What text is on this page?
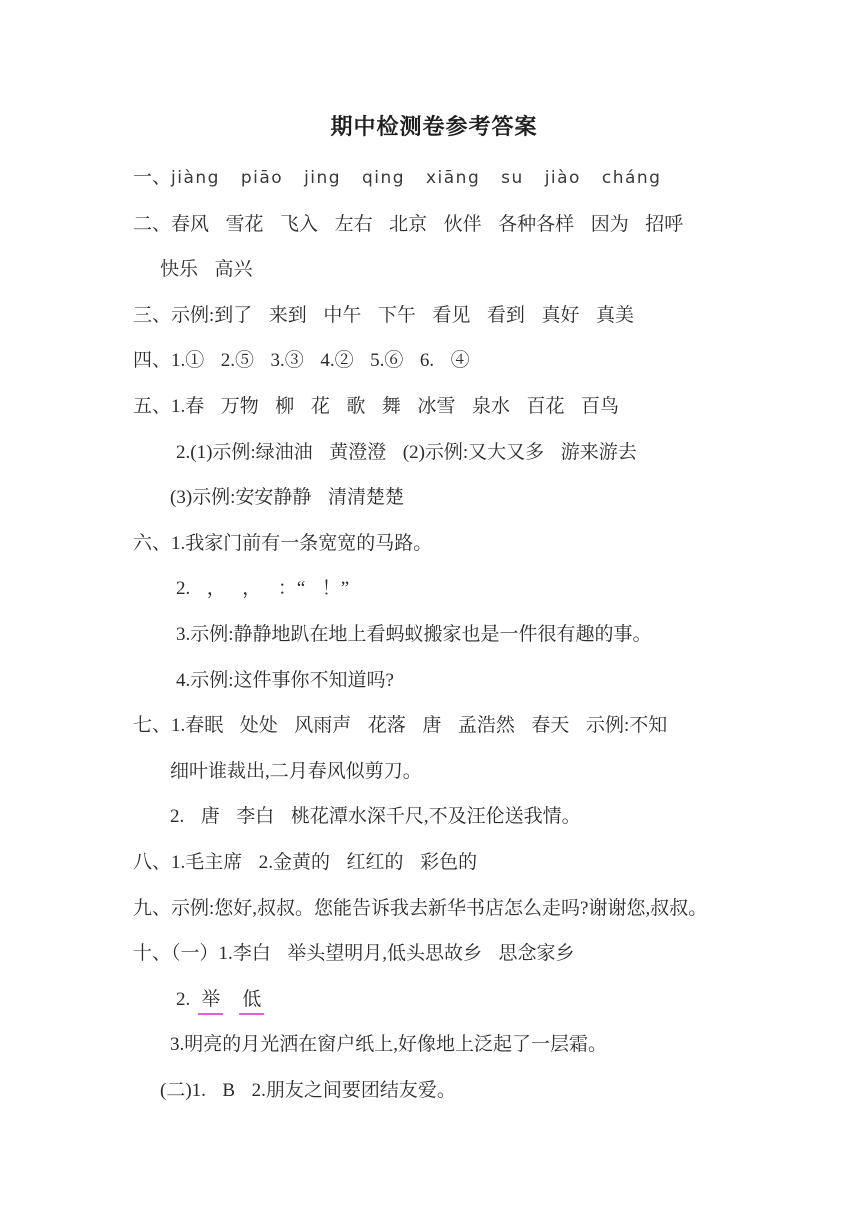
期中检测卷参考答案
一、jiàng piāo jing qing xiāng su jiào cháng
二、春风 雪花 飞入 左右 北京 伙伴 各种各样 因为 招呼
快乐 高兴
三、示例:到了 来到 中午 下午 看见 看到 真好 真美
四、1.① 2.⑤ 3.③ 4.② 5.⑥ 6. ④
五、1.春 万物 柳 花 歌 舞 冰雪 泉水 百花 百鸟
2.(1)示例:绿油油 黄澄澄 (2)示例:又大又多 游来游去
(3)示例:安安静静 清清楚楚
六、1.我家门前有一条宽宽的马路。
2. ， ， ：“ ！”
3.示例:静静地趴在地上看蚂蚁搬家也是一件很有趣的事。
4.示例:这件事你不知道吗?
七、1.春眠 处处 风雨声 花落 唐 孟浩然 春天 示例:不知
细叶谁裁出,二月春风似剪刀。
2. 唐 李白 桃花潭水深千尺,不及汪伦送我情。
八、1.毛主席 2.金黄的 红红的 彩色的
九、示例:您好,叔叔。您能告诉我去新华书店怎么走吗?谢谢您,叔叔。
十、（一）1.李白 举头望明月,低头思故乡 思念家乡
2. 举 低
3.明亮的月光洒在窗户纸上,好像地上泛起了一层霜。
(二)1. B 2.朋友之间要团结友爱。
